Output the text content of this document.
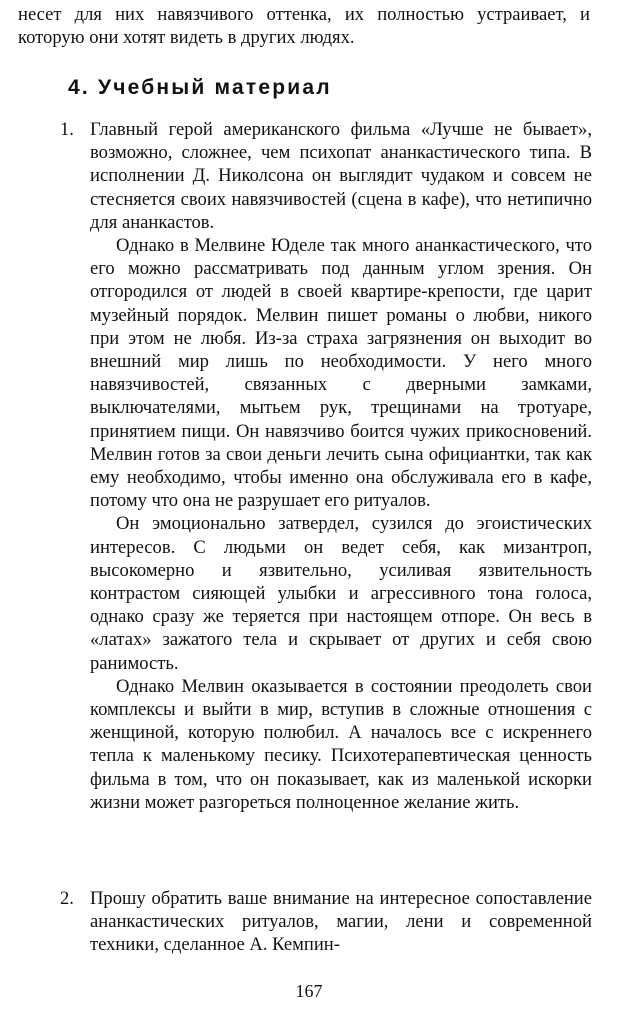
несет для них навязчивого оттенка, их полностью устраивает, и которую они хотят видеть в других людях.

4. Учебный материал
1. Главный герой американского фильма «Лучше не бывает», возможно, сложнее, чем психопат ананкастического типа. В исполнении Д. Николсона он выглядит чудаком и совсем не стесняется своих навязчивостей (сцена в кафе), что нетипично для ананкастов.

Однако в Мелвине Юделе так много ананкастического, что его можно рассматривать под данным углом зрения. Он отгородился от людей в своей квартире-крепости, где царит музейный порядок. Мелвин пишет романы о любви, никого при этом не любя. Из-за страха загрязнения он выходит во внешний мир лишь по необходимости. У него много навязчивостей, связанных с дверными замками, выключателями, мытьем рук, трещинами на тротуаре, принятием пищи. Он навязчиво боится чужих прикосновений. Мелвин готов за свои деньги лечить сына официантки, так как ему необходимо, чтобы именно она обслуживала его в кафе, потому что она не разрушает его ритуалов.

Он эмоционально затвердел, сузился до эгоистических интересов. С людьми он ведет себя, как мизантроп, высокомерно и язвительно, усиливая язвительность контрастом сияющей улыбки и агрессивного тона голоса, однако сразу же теряется при настоящем отпоре. Он весь в «латах» зажатого тела и скрывает от других и себя свою ранимость.

Однако Мелвин оказывается в состоянии преодолеть свои комплексы и выйти в мир, вступив в сложные отношения с женщиной, которую полюбил. А началось все с искреннего тепла к маленькому песику. Психотерапевтическая ценность фильма в том, что он показывает, как из маленькой искорки жизни может разгореться полноценное желание жить.

2. Прошу обратить ваше внимание на интересное сопоставление ананкастических ритуалов, магии, лени и современной техники, сделанное А. Кемпин-

167
